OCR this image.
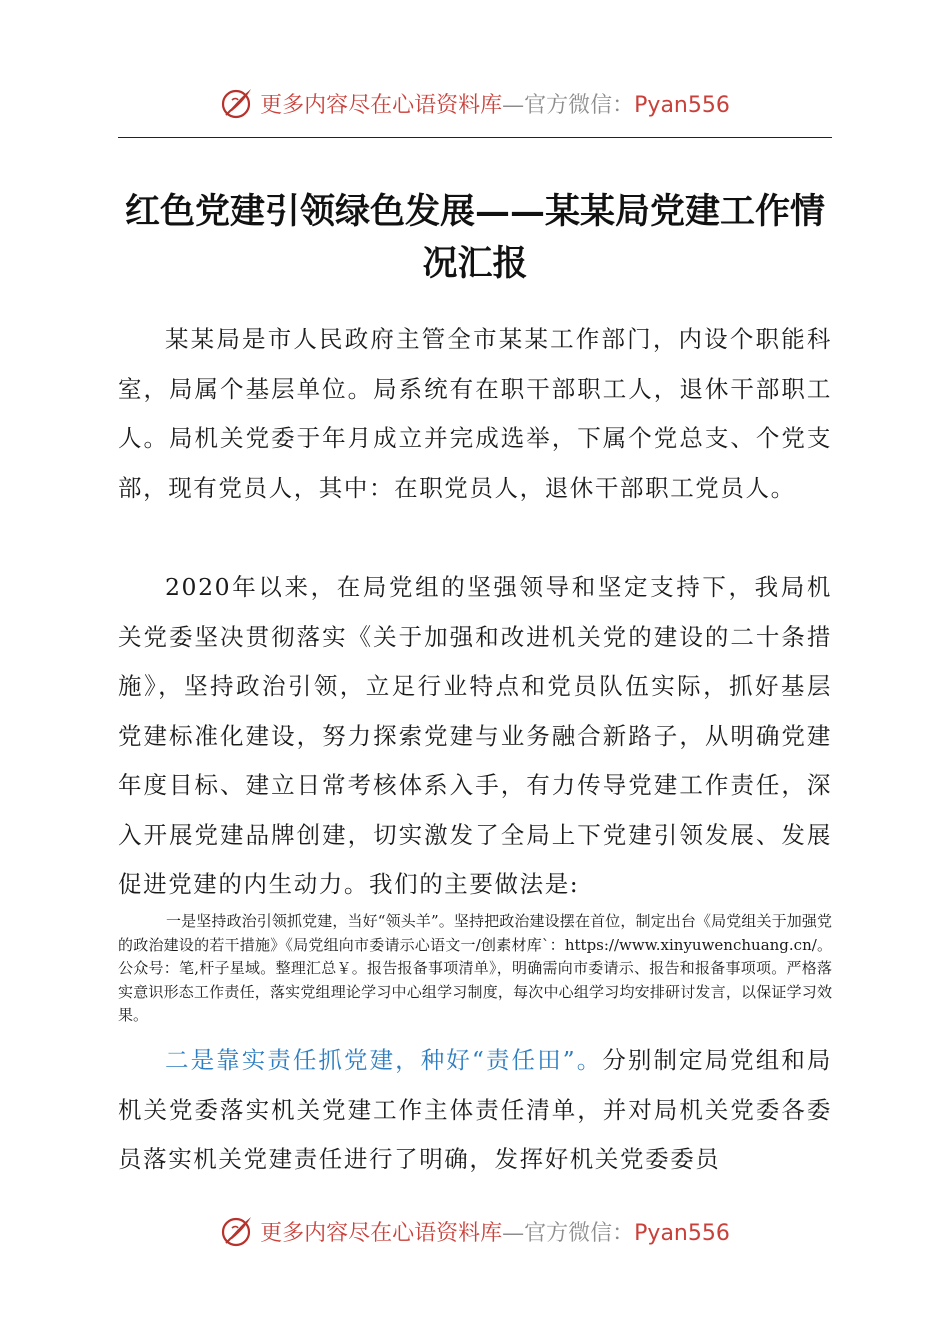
更多内容尽在心语资料库—官方微信：Pyan556
红色党建引领绿色发展——某某局党建工作情
况汇报

某某局是市人民政府主管全市某某工作部门，内设个职能科室，局属个基层单位。局系统有在职干部职工人，退休干部职工人。局机关党委于年月成立并完成选举，下属个党总支、个党支部，现有党员人，其中：在职党员人，退休干部职工党员人。

2020年以来，在局党组的坚强领导和坚定支持下，我局机关党委坚决贯彻落实《关于加强和改进机关党的建设的二十条措施》，坚持政治引领，立足行业特点和党员队伍实际，抓好基层党建标准化建设，努力探索党建与业务融合新路子，从明确党建年度目标、建立日常考核体系入手，有力传导党建工作责任，深入开展党建品牌创建，切实激发了全局上下党建引领发展、发展促进党建的内生动力。我们的主要做法是:

一是坚持政治引领抓党建，当好“领头羊”。坚持把政治建设摆在首位，制定出台《局党组关于加强党的政治建设的若干措施》《局党组向市委请示心语文一/创素材库`：https://www.xinyuwenchuang.cn/。公众号：笔,杆子星域。整理汇总￥。报告报备事项清单》，明确需向市委请示、报告和报备事项项。严格落实意识形态工作责任，落实党组理论学习中心组学习制度，每次中心组学习均安排研讨发言，以保证学习效果。

二是靠实责任抓党建，种好“责任田”。分别制定局党组和局机关党委落实机关党建工作主体责任清单，并对局机关党委各委员落实机关党建责任进行了明确，发挥好机关党委委员

更多内容尽在心语资料库—官方微信：Pyan556
